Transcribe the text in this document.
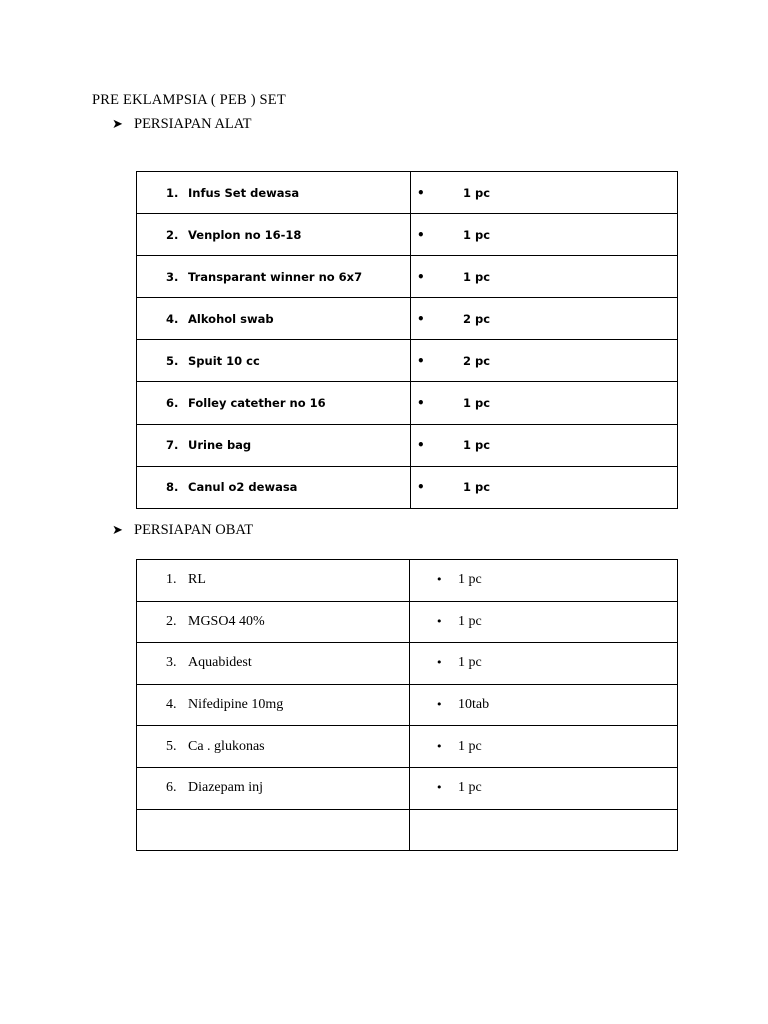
PRE EKLAMPSIA ( PEB ) SET
➤ PERSIAPAN ALAT
1. Infus Set dewasa	• 1 pc
2. Venplon no 16-18	• 1 pc
3. Transparant winner no 6x7	• 1 pc
4. Alkohol swab	• 2 pc
5. Spuit 10 cc	• 2 pc
6. Folley catether no 16	• 1 pc
7. Urine bag	• 1 pc
8. Canul o2 dewasa	• 1 pc
➤ PERSIAPAN OBAT
1. RL	• 1 pc
2. MGSO4 40%	• 1 pc
3. Aquabidest	• 1 pc
4. Nifedipine 10mg	• 10tab
5. Ca . glukonas	• 1 pc
6. Diazepam inj	• 1 pc
